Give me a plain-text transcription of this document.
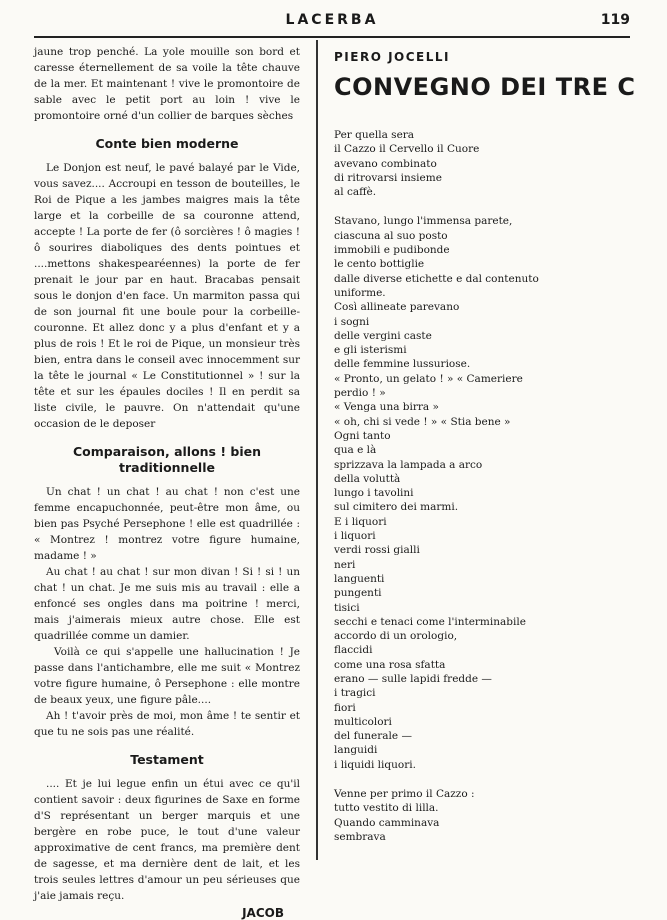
LACERBA	119

jaune trop penché. La yole mouille son bord et caresse éternellement de sa voile la tête chauve de la mer. Et maintenant ! vive le promontoire de sable avec le petit port au loin ! vive le promontoire orné d'un collier de barques sèches

Conte bien moderne

Le Donjon est neuf, le pavé balayé par le Vide, vous savez.... Accroupi en tesson de bouteilles, le Roi de Pique a les jambes maigres mais la tête large et la corbeille de sa couronne attend, accepte ! La porte de fer (ô sorcières ! ô magies ! ô sourires diaboliques des dents pointues et ....mettons shakespearéennes) la porte de fer prenait le jour par en haut. Bracabas pensait sous le donjon d'en face. Un marmiton passa qui de son journal fit une boule pour la corbeille-couronne. Et allez donc y a plus d'enfant et y a plus de rois ! Et le roi de Pique, un monsieur très bien, entra dans le conseil avec innocemment sur la tête le journal « Le Constitutionnel » ! sur la tête et sur les épaules dociles ! Il en perdit sa liste civile, le pauvre. On n'attendait qu'une occasion de le deposer

Comparaison, allons ! bien traditionnelle

Un chat ! un chat ! au chat ! non c'est une femme encapuchonnée, peut-être mon âme, ou bien pas Psyché Persephone ! elle est quadrillée : « Montrez ! montrez votre figure humaine, madame ! »

Au chat ! au chat ! sur mon divan ! Si ! si ! un chat ! un chat. Je me suis mis au travail : elle a enfoncé ses ongles dans ma poitrine ! merci, mais j'aimerais mieux autre chose. Elle est quadrillée comme un damier.

Voilà ce qui s'appelle une hallucination ! Je passe dans l'antichambre, elle me suit « Montrez votre figure humaine, ô Persephone : elle montre de beaux yeux, une figure pâle....

Ah ! t'avoir près de moi, mon âme ! te sentir et que tu ne sois pas une réalité.

Testament

.... Et je lui legue enfin un étui avec ce qu'il contient savoir : deux figurines de Saxe en forme d'S représentant un berger marquis et une bergère en robe puce, le tout d'une valeur approximative de cent francs, ma première dent de sagesse, et ma dernière dent de lait, et les trois seules lettres d'amour un peu sérieuses que j'aie jamais reçu.

JACOB
PIERO JOCELLI
CONVEGNO DEI TRE C
Per quella sera
il Cazzo il Cervello il Cuore
avevano combinato
di ritrovarsi insieme
al caffè.
Stavano, lungo l'immensa parete,
ciascuna al suo posto
immobili e pudibonde
le cento bottiglie
dalle diverse etichette e dal contenuto
uniforme.
Così allineate parevano
i sogni
delle vergini caste
e gli isterismi
delle femmine lussuriose.
« Pronto, un gelato ! » « Cameriere
perdio ! »
« Venga una birra »
« oh, chi si vede ! » « Stia bene »
Ogni tanto
qua e là
sprizzava la lampada a arco
della voluttà
lungo i tavolini
sul cimitero dei marmi.
E i liquori
i liquori
verdi rossi gialli
neri
languenti
pungenti
tisici
secchi e tenaci come l'interminabile
accordo di un orologio,
flaccidi
come una rosa sfatta
erano — sulle lapidi fredde —
i tragici
fiori
multicolori
del funerale —
languidi
i liquidi liquori.
Venne per primo il Cazzo :
tutto vestito di lilla.
Quando camminava
sembrava
